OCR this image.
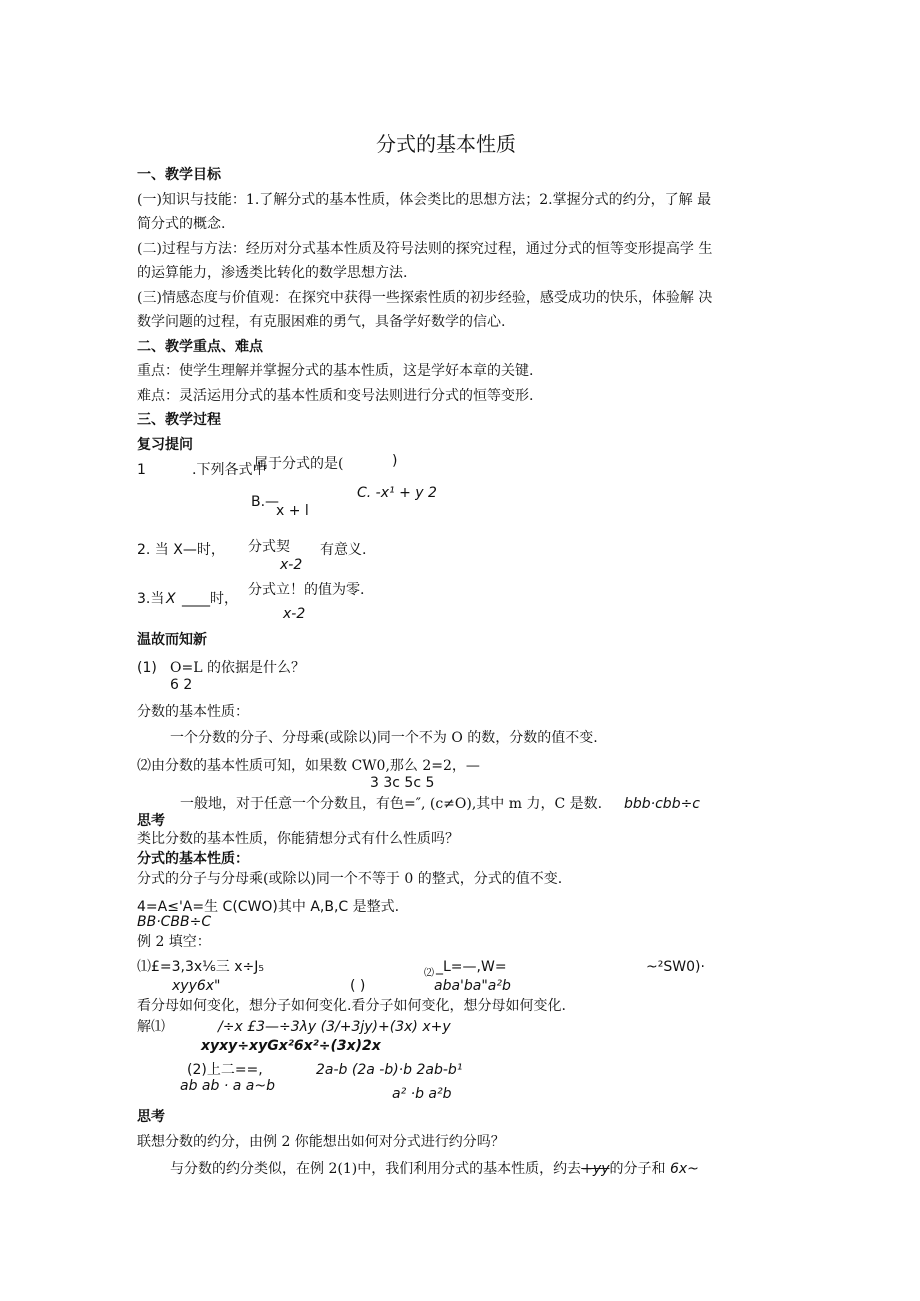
分式的基本性质
一、教学目标
(一)知识与技能：1.了解分式的基本性质，体会类比的思想方法；2.掌握分式的约分，了解 最
简分式的概念.
(二)过程与方法：经历对分式基本性质及符号法则的探究过程，通过分式的恒等变形提高学 生
的运算能力，渗透类比转化的数学思想方法.
(三)情感态度与价值观：在探究中获得一些探索性质的初步经验，感受成功的快乐，体验解 决
数学问题的过程，有克服困难的勇气，具备学好数学的信心.
二、教学重点、难点
重点：使学生理解并掌握分式的基本性质，这是学好本章的关键.
难点：灵活运用分式的基本性质和变号法则进行分式的恒等变形.
三、教学过程
复习提问
1	.下列各式中
属于分式的是(	)
C. -x¹ + y 2
B.—
x + l
2. 当 X—时， 分式契 有意义.
x-2
3.当 X ____时，
分式立！的值为零.
x-2
温故而知新
(1) O=L 的依据是什么？
6 2
分数的基本性质：
一个分数的分子、分母乘(或除以)同一个不为 O 的数，分数的值不变.
⑵由分数的基本性质可知，如果数 CW0,那么 2=2，—
3 3c 5c 5
一般地，对于任意一个分数且，有色=″, (c≠O),其中 m 力，C 是数. bbb·cbb÷c
思考
类比分数的基本性质，你能猜想分式有什么性质吗？
分式的基本性质：
分式的分子与分母乘(或除以)同一个不等于 0 的整式，分式的值不变.
4=A≤'A=生 C(CWO)其中 A,B,C 是整式.
BB·CBB÷C
例 2 填空：
⑴£=3,3x⅙三 x÷J₅	⑵ _L=—,W=	~²SW0)·
xyy6x"	( )	aba'ba"a²b
看分母如何变化，想分子如何变化.看分子如何变化，想分母如何变化.
解⑴	/÷x £3—÷3λy (3/+3jy)+(3x) x+y
xyxy÷xyGx²6x²÷(3x)2x
(2)上二==,	2a-b (2a -b)·b 2ab-b¹
ab ab · a a~b	a² ·b a²b
思考
联想分数的约分，由例 2 你能想出如何对分式进行约分吗？
与分数的约分类似，在例 2(1)中，我们利用分式的基本性质，约去+yy的分子和 6x~
